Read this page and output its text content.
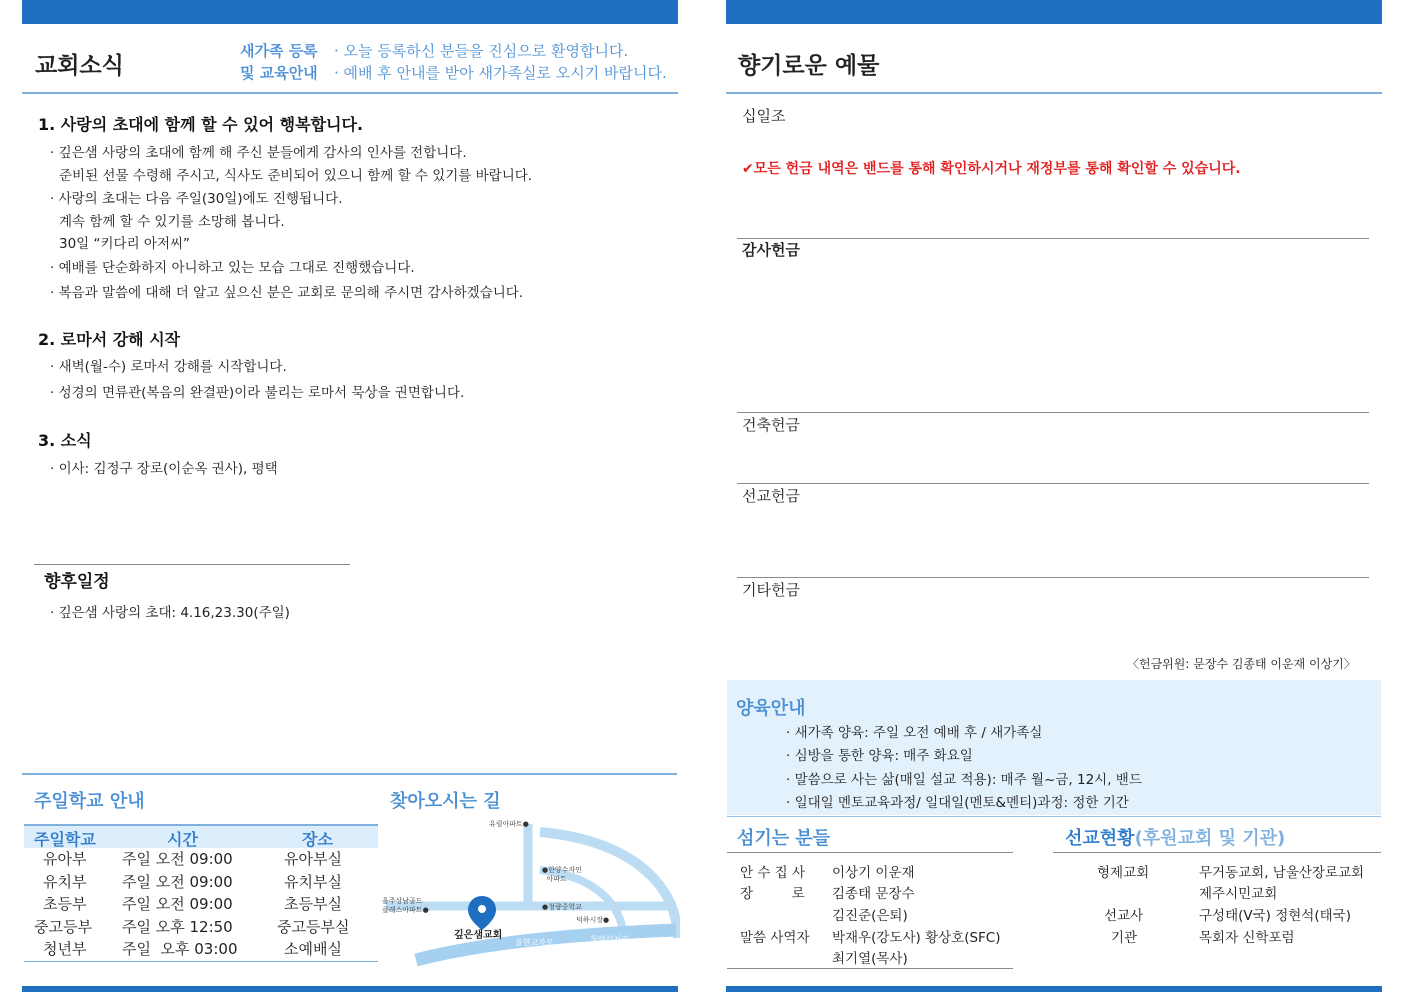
교회소식
새가족 등록
및 교육안내
· 오늘 등록하신 분들을 진심으로 환영합니다.
· 예배 후 안내를 받아 새가족실로 오시기 바랍니다.
1. 사랑의 초대에 함께 할 수 있어 행복합니다.
· 깊은샘 사랑의 초대에 함께 해 주신 분들에게 감사의 인사를 전합니다.
준비된 선물 수령해 주시고, 식사도 준비되어 있으니 함께 할 수 있기를 바랍니다.
· 사랑의 초대는 다음 주일(30일)에도 진행됩니다.
계속 함께 할 수 있기를 소망해 봅니다.
30일 “키다리 아저씨”
· 예배를 단순화하지 아니하고 있는 모습 그대로 진행했습니다.
· 복음과 말씀에 대해 더 알고 싶으신 분은 교회로 문의해 주시면 감사하겠습니다.
2. 로마서 강해 시작
· 새벽(월-수) 로마서 강해를 시작합니다.
· 성경의 면류관(복음의 완결판)이라 불리는 로마서 묵상을 권면합니다.
3. 소식
· 이사: 김정구 장로(이순옥 권사), 평택
향후일정
· 깊은샘 사랑의 초대: 4.16,23.30(주일)
주일학교 안내
주일학교	시간	장소
유아부 주일 오전 09:00	유아부실
유치부 주일 오전 09:00	유치부실
초등부 주일 오전 09:00	초등부실
중고등부 주일 오후 12:50	중고등부실
청년부 주일  오후 03:00	소예배실
찾아오시는 길
유림아파트●
●한양수자인
아파트
울주상남골드
클래스아파트●	●청량중학교
덕하시장●
깊은샘교회
율현교차로	청량삼거리
향기로운 예물
십일조
✔모든 헌금 내역은 밴드를 통해 확인하시거나 재정부를 통해 확인할 수 있습니다.
감사헌금
건축헌금
선교헌금
기타헌금
〈헌금위원: 문장수 김종태 이운재 이상기〉
양육안내
· 새가족 양육: 주일 오전 예배 후 / 새가족실
· 심방을 통한 양육: 매주 화요일
· 말씀으로 사는 삶(매일 설교 적용): 매주 월~금, 12시, 밴드
· 일대일 멘토교육과정/ 일대일(멘토&멘티)과정: 정한 기간
섬기는 분들
안 수 집 사 이상기 이운재
장         로 김종태 문장수
김진준(은퇴)
말씀 사역자 박재우(강도사) 황상호(SFC)
최기열(목사)
선교현황(후원교회 및 기관)
형제교회	무거동교회, 남울산장로교회
제주시민교회
선교사	구성태(V국) 정현석(태국)
기관	목회자 신학포럼
